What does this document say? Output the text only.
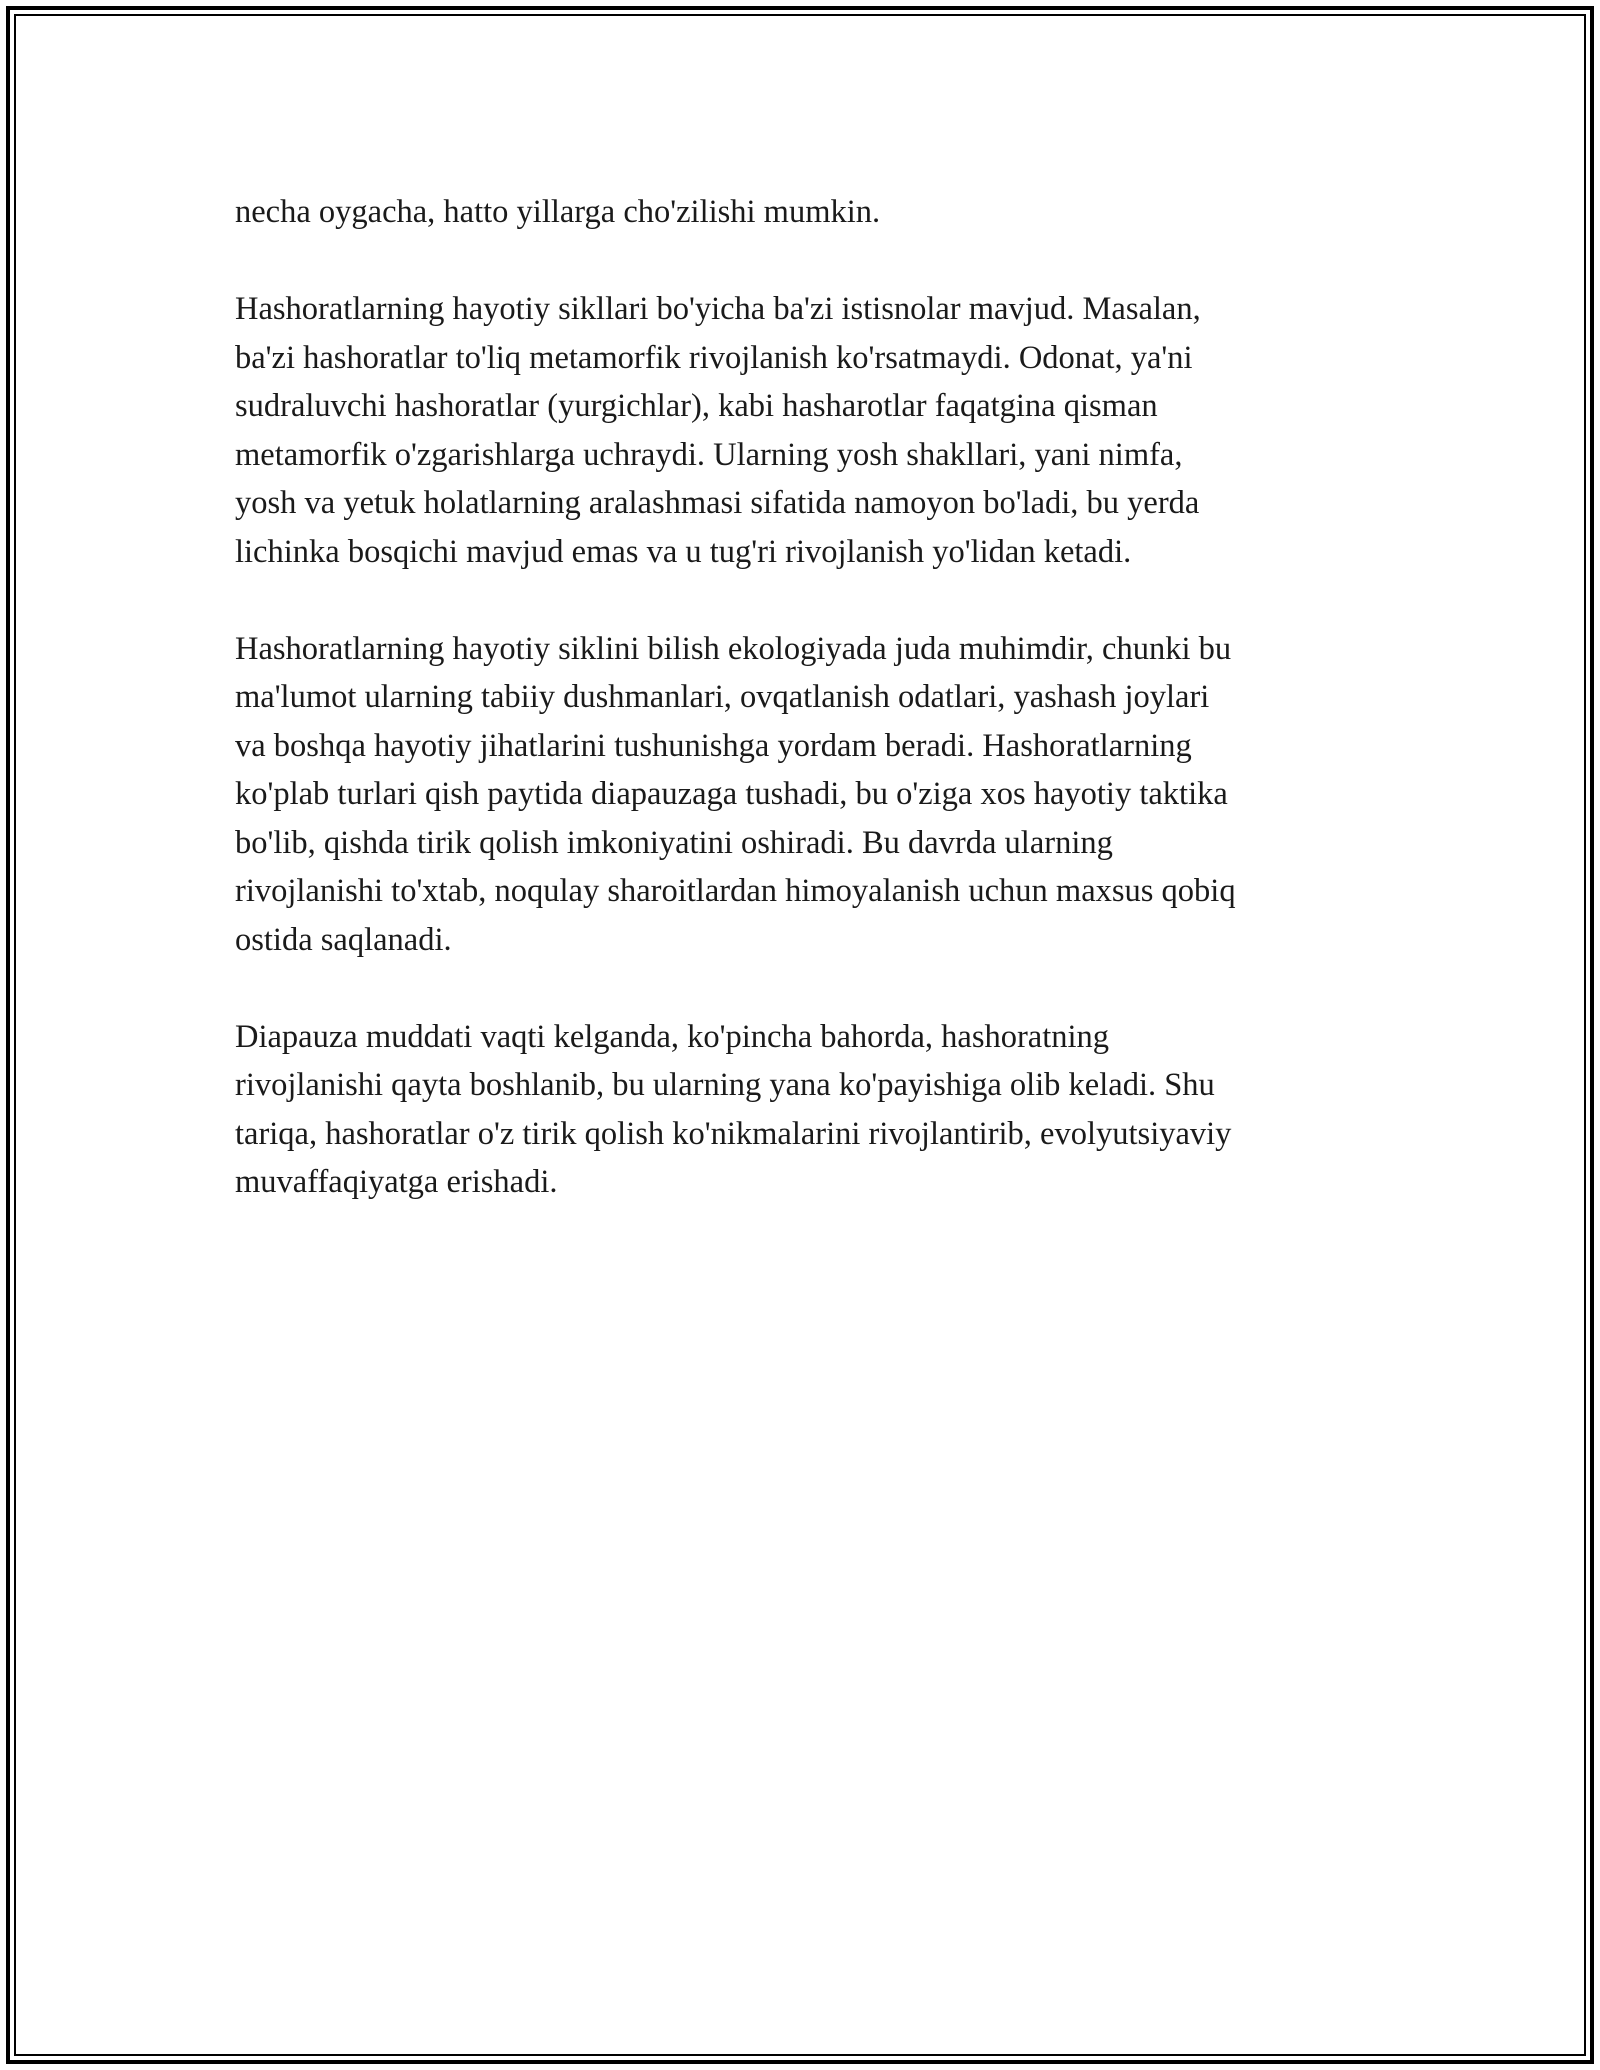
necha oygacha, hatto yillarga cho'zilishi mumkin.

Hashoratlarning hayotiy sikllari bo'yicha ba'zi istisnolar mavjud. Masalan,
ba'zi hashoratlar to'liq metamorfik rivojlanish ko'rsatmaydi. Odonat, ya'ni
sudraluvchi hashoratlar (yurgichlar), kabi hasharotlar faqatgina qisman
metamorfik o'zgarishlarga uchraydi. Ularning yosh shakllari, yani nimfa,
yosh va yetuk holatlarning aralashmasi sifatida namoyon bo'ladi, bu yerda
lichinka bosqichi mavjud emas va u tug'ri rivojlanish yo'lidan ketadi.

Hashoratlarning hayotiy siklini bilish ekologiyada juda muhimdir, chunki bu
ma'lumot ularning tabiiy dushmanlari, ovqatlanish odatlari, yashash joylari
va boshqa hayotiy jihatlarini tushunishga yordam beradi. Hashoratlarning
ko'plab turlari qish paytida diapauzaga tushadi, bu o'ziga xos hayotiy taktika
bo'lib, qishda tirik qolish imkoniyatini oshiradi. Bu davrda ularning
rivojlanishi to'xtab, noqulay sharoitlardan himoyalanish uchun maxsus qobiq
ostida saqlanadi.

Diapauza muddati vaqti kelganda, ko'pincha bahorda, hashoratning
rivojlanishi qayta boshlanib, bu ularning yana ko'payishiga olib keladi. Shu
tariqa, hashoratlar o'z tirik qolish ko'nikmalarini rivojlantirib, evolyutsiyaviy
muvaffaqiyatga erishadi.
